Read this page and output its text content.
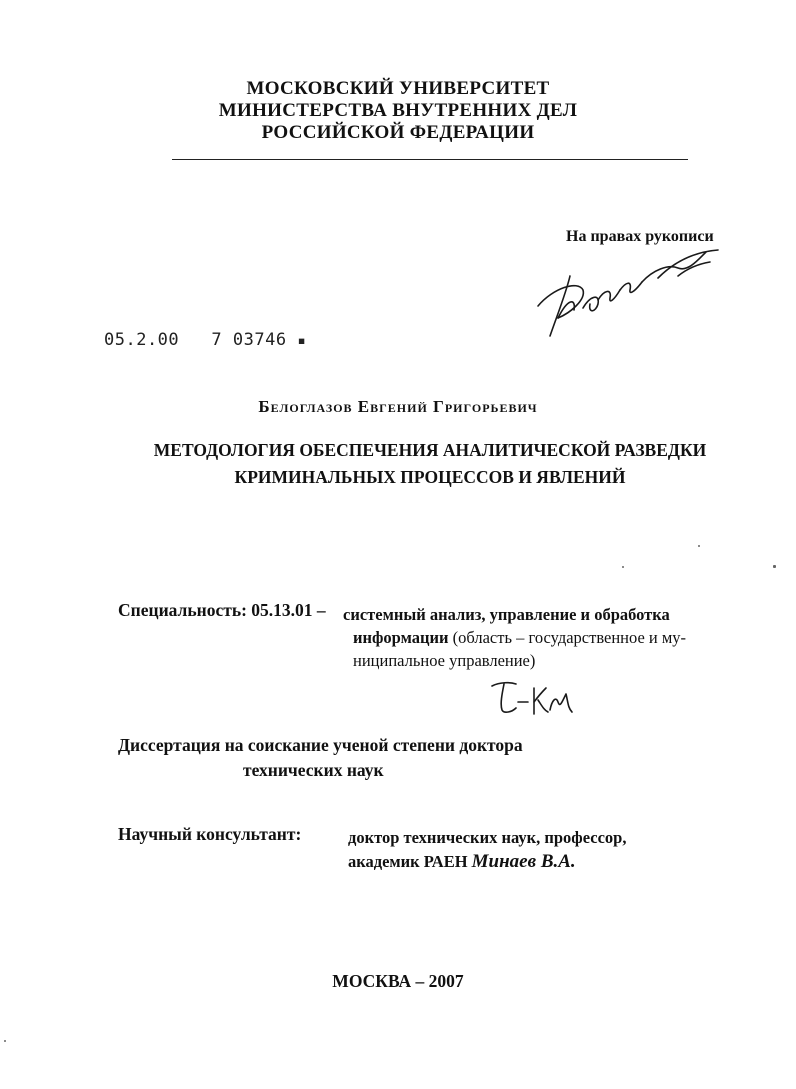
МОСКОВСКИЙ УНИВЕРСИТЕТ
МИНИСТЕРСТВА ВНУТРЕННИХ ДЕЛ
РОССИЙСКОЙ ФЕДЕРАЦИИ
На правах рукописи
05.2.00 7 03746 ▪
Белоглазов Евгений Григорьевич
МЕТОДОЛОГИЯ ОБЕСПЕЧЕНИЯ АНАЛИТИЧЕСКОЙ РАЗВЕДКИ
КРИМИНАЛЬНЫХ ПРОЦЕССОВ И ЯВЛЕНИЙ
Специальность: 05.13.01 – системный анализ, управление и обработка
информации (область – государственное и му-
ниципальное управление)
Диссертация на соискание ученой степени доктора
технических наук
Научный консультант:	доктор технических наук, профессор,
академик РАЕН Минаев В.А.
МОСКВА – 2007
